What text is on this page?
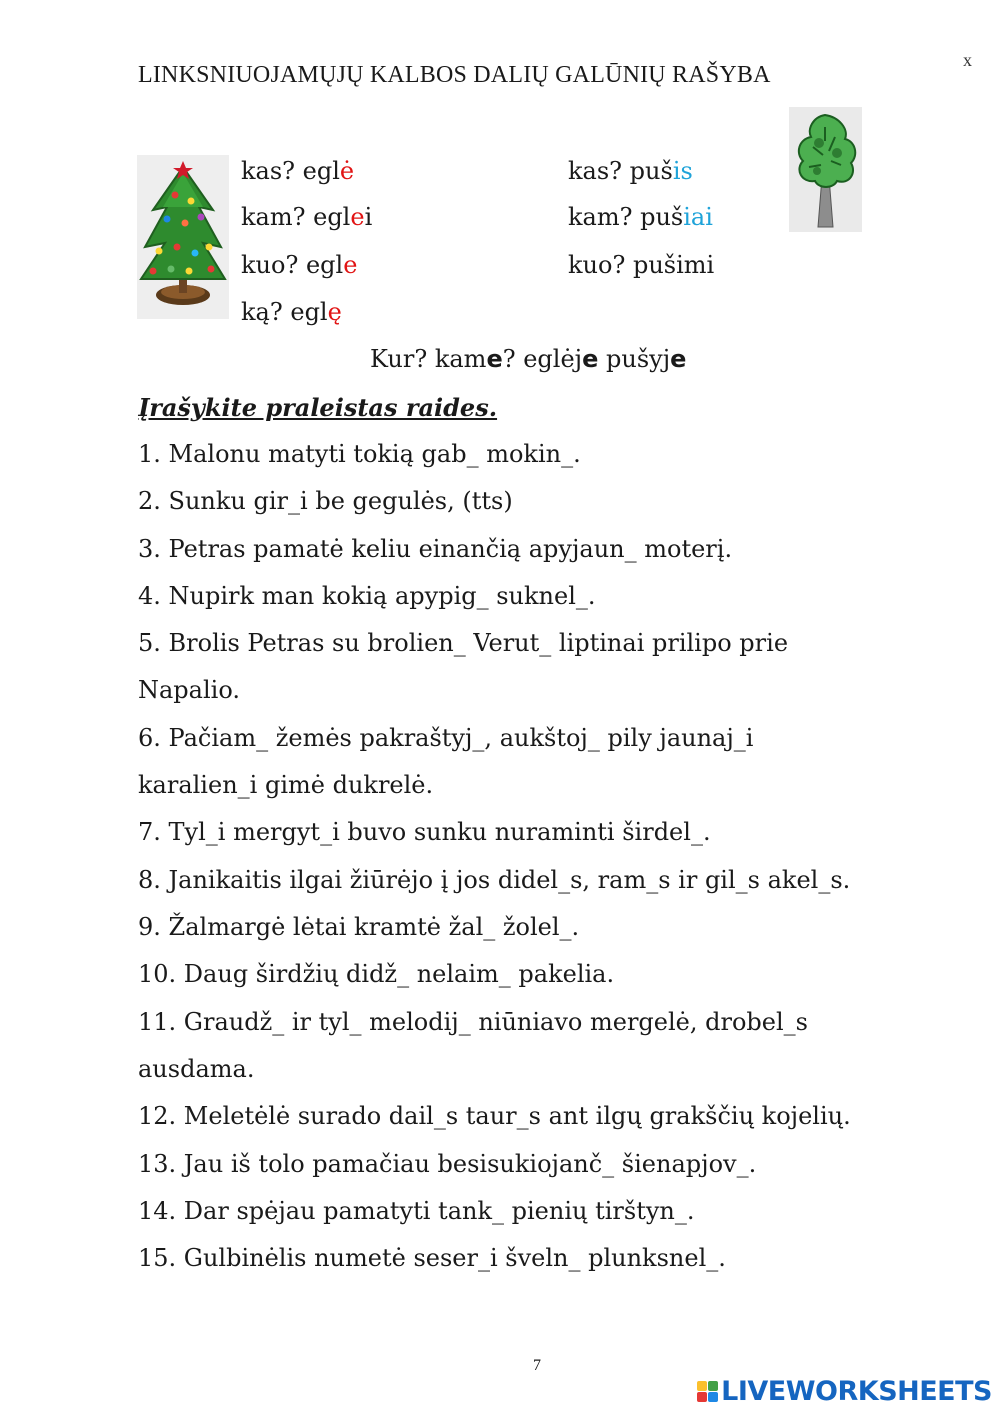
x
LINKSNIUOJAMŲJŲ KALBOS DALIŲ GALŪNIŲ RAŠYBA
kas? eglė
kam? eglei
kuo? egle
ką? eglę
kas? pušis
kam? pušiai
kuo? pušimi
Kur? kame? eglėje pušyje
Įrašykite praleistas raides.
1. Malonu matyti tokią gab_ mokin_.
2. Sunku gir_i be gegulės, (tts)
3. Petras pamatė keliu einančią apyjaun_ moterį.
4. Nupirk man kokią apypig_ suknel_.
5. Brolis Petras su brolien_ Verut_ liptinai prilipo prie
Napalio.
6. Pačiam_ žemės pakraštyj_, aukštoj_ pily jaunaj_i
karalien_i gimė dukrelė.
7. Tyl_i mergyt_i buvo sunku nuraminti širdel_.
8. Janikaitis ilgai žiūrėjo į jos didel_s, ram_s ir gil_s akel_s.
9. Žalmargė lėtai kramtė žal_ žolel_.
10. Daug širdžių didž_ nelaim_ pakelia.
11. Graudž_ ir tyl_ melodij_ niūniavo mergelė, drobel_s
ausdama.
12. Meletėlė surado dail_s taur_s ant ilgų grakščių kojelių.
13. Jau iš tolo pamačiau besisukiojanč_ šienapjov_.
14. Dar spėjau pamatyti tank_ pienių tirštyn_.
15. Gulbinėlis numetė seser_i šveln_ plunksnel_.
7
LIVEWORKSHEETS
